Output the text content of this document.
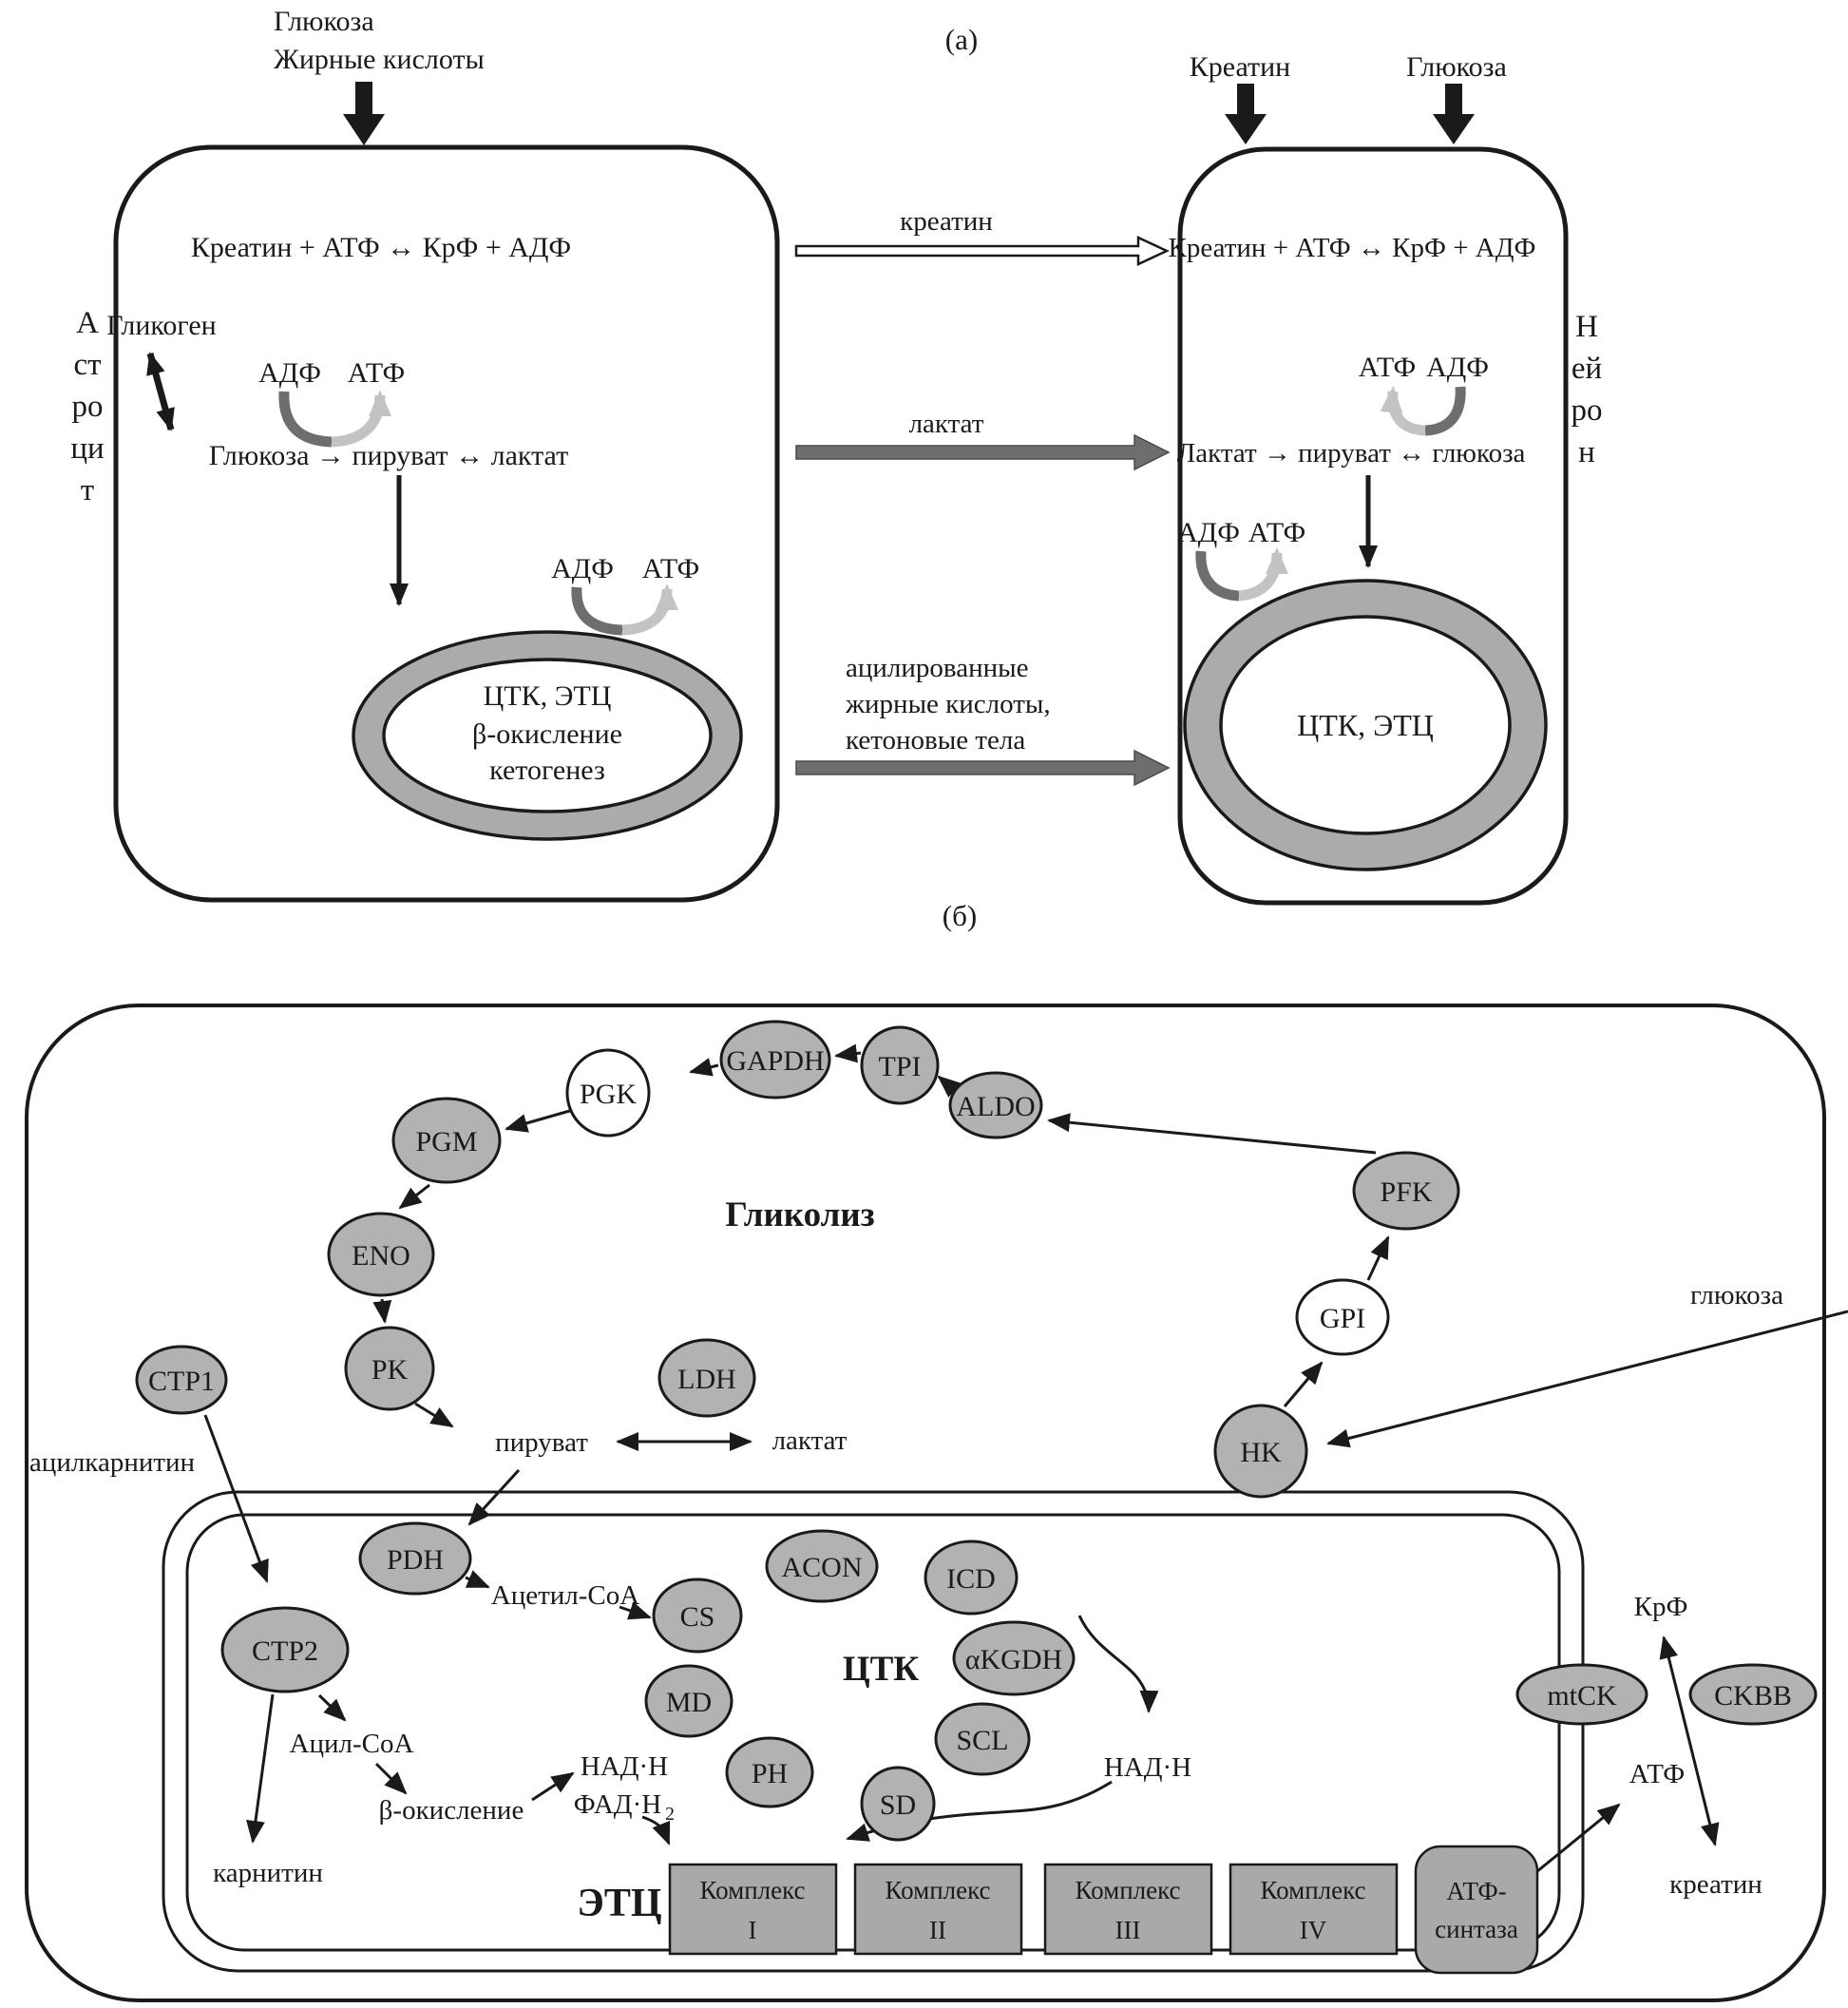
(а)
Глюкоза
Жирные кислоты
Креатин + АТФ ↔ КрФ + АДФ
Гликоген
АДФ АТФ
Глюкоза → пируват ↔ лактат
АДФ АТФ
ЦТК, ЭТЦ
β-окисление
кетогенез
креатин
лактат
ацилированные
жирные кислоты,
кетоновые тела
Креатин	Глюкоза
Креатин + АТФ ↔ КрФ + АДФ
АТФ АДФ
Лактат → пируват ↔ глюкоза
АДФ АТФ
ЦТК, ЭТЦ
(б)
глюкоза
GAPDH TPI
ALDO
PGK
PFK
PGM
ENO
GPI
PK
CTP1	LDH
HK
PDH
CTP2
CS
ACON	ICD
αKGDH
SCL
MD
PH
SD
mtCK	CKBB
Гликолиз
ЦТК
ЭТЦ
пируват	лактат
ацилкарнитин
Ацетил-CoA
Ацил-CoA
β-окисление
карнитин
НАД·Н
ФАД·Н 2
НАД·Н
КрФ
АТФ
креатин
Комплекс
I
Комплекс
II
Комплекс
III
Комплекс
IV
АТФ-
синтаза
Астроцит
Нейрон
